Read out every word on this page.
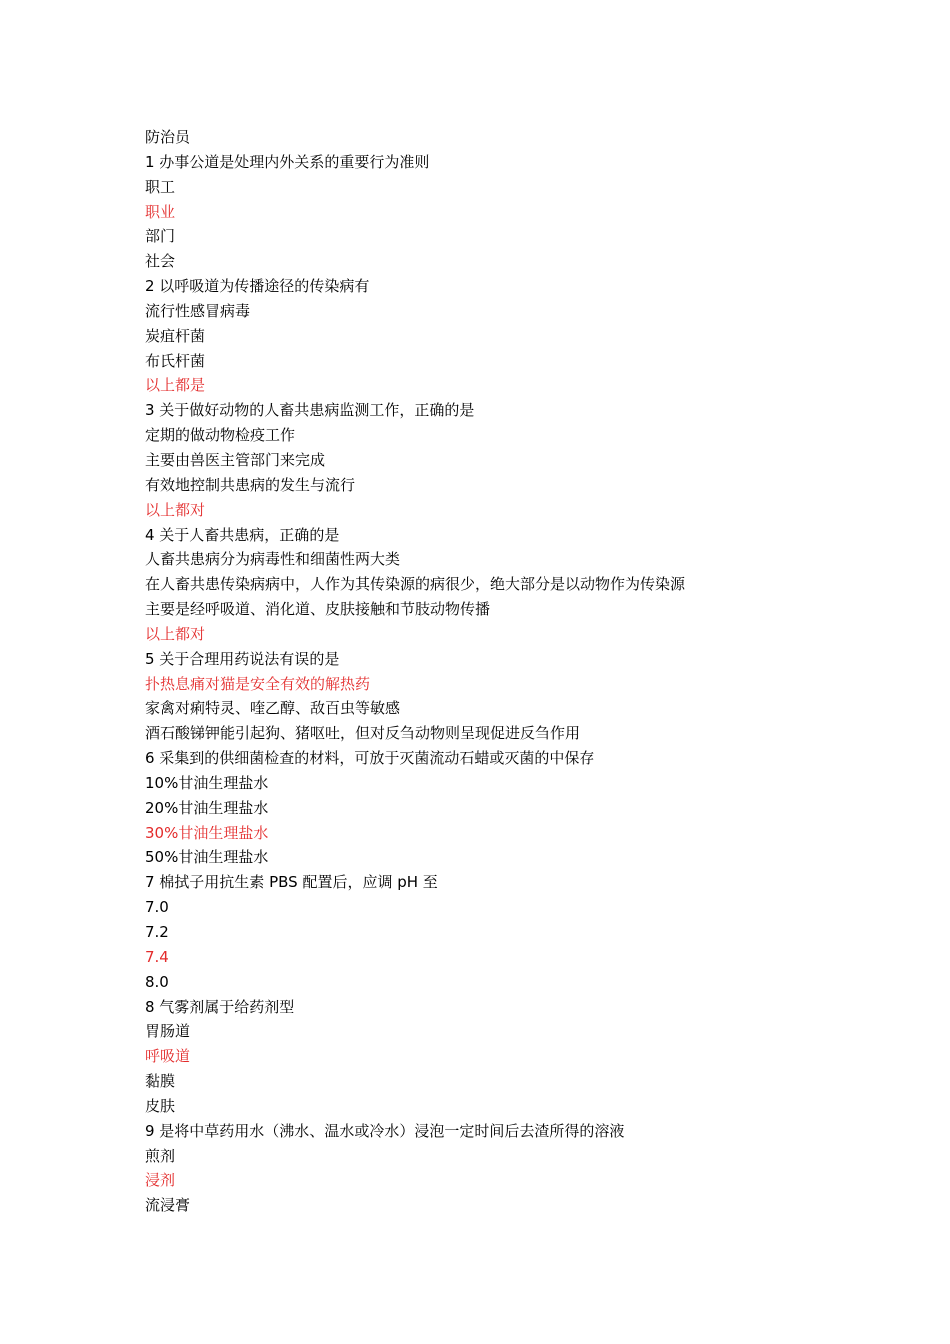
防治员
1 办事公道是处理内外关系的重要行为准则
职工
职业
部门
社会
2 以呼吸道为传播途径的传染病有
流行性感冒病毒
炭疽杆菌
布氏杆菌
以上都是
3 关于做好动物的人畜共患病监测工作，正确的是
定期的做动物检疫工作
主要由兽医主管部门来完成
有效地控制共患病的发生与流行
以上都对
4 关于人畜共患病，正确的是
人畜共患病分为病毒性和细菌性两大类
在人畜共患传染病病中，人作为其传染源的病很少，绝大部分是以动物作为传染源
主要是经呼吸道、消化道、皮肤接触和节肢动物传播
以上都对
5 关于合理用药说法有误的是
扑热息痛对猫是安全有效的解热药
家禽对痢特灵、喹乙醇、敌百虫等敏感
酒石酸锑钾能引起狗、猪呕吐，但对反刍动物则呈现促进反刍作用
6 采集到的供细菌检查的材料，可放于灭菌流动石蜡或灭菌的中保存
10%甘油生理盐水
20%甘油生理盐水
30%甘油生理盐水
50%甘油生理盐水
7 棉拭子用抗生素 PBS 配置后，应调 pH 至
7.0
7.2
7.4
8.0
8 气雾剂属于给药剂型
胃肠道
呼吸道
黏膜
皮肤
9 是将中草药用水（沸水、温水或冷水）浸泡一定时间后去渣所得的溶液
煎剂
浸剂
流浸膏
